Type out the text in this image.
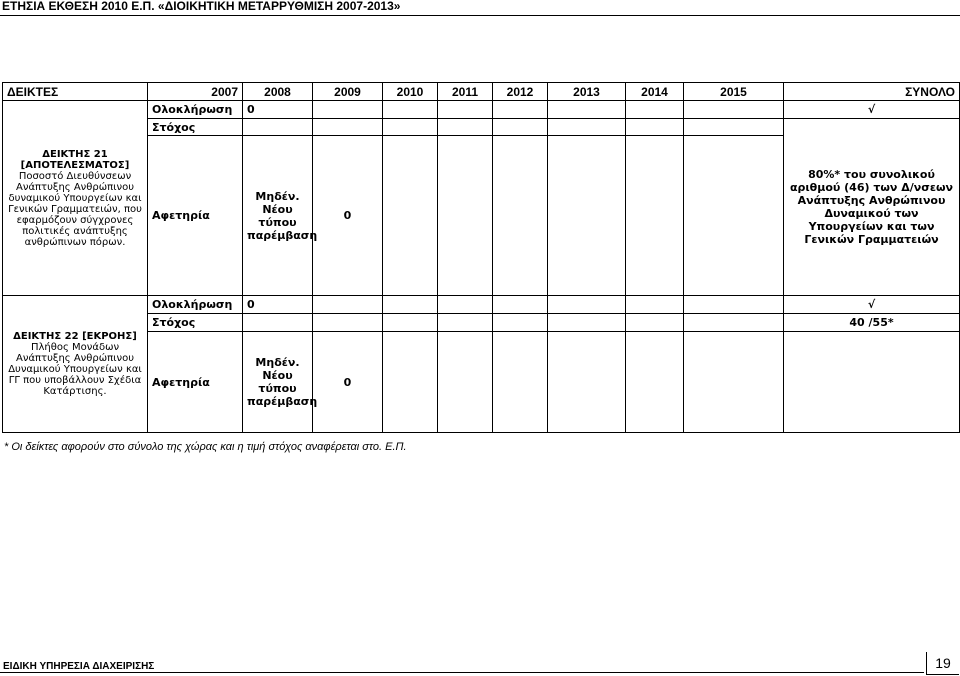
ΕΤΗΣΙΑ ΕΚΘΕΣΗ 2010 Ε.Π. «ΔΙΟΙΚΗΤΙΚΗ ΜΕΤΑΡΡΥΘΜΙΣΗ 2007-2013»
ΔΕΙΚΤΕΣ	2007	2008	2009	2010	2011	2012	2013	2014	2015	ΣΥΝΟΛΟ

ΔΕΙΚΤΗΣ 21
[ΑΠΟΤΕΛΕΣΜΑΤΟΣ]
Ποσοστό Διευθύνσεων Ανάπτυξης Ανθρώπινου δυναμικού Υπουργείων και Γενικών Γραμματειών, που εφαρμόζουν σύγχρονες πολιτικές ανάπτυξης ανθρώπινων πόρων.	Ολοκλήρωση	0								√
	Στόχος									80%* του συνολικού αριθμού (46) των Δ/νσεων Ανάπτυξης Ανθρώπινου Δυναμικού των Υπουργείων και των Γενικών Γραμματειών
	Αφετηρία	Μηδέν. Νέου τύπου παρέμβαση	0							

ΔΕΙΚΤΗΣ 22 [ΕΚΡΟΗΣ]
Πλήθος Μονάδων Ανάπτυξης Ανθρώπινου Δυναμικού Υπουργείων και ΓΓ που υποβάλλουν Σχέδια Κατάρτισης.	Ολοκλήρωση	0								√
	Στόχος									40 /55*
	Αφετηρία	Μηδέν. Νέου τύπου παρέμβαση	0							
* Οι δείκτες αφορούν στο σύνολο της χώρας και η τιμή στόχος αναφέρεται στο. Ε.Π.
ΕΙΔΙΚΗ ΥΠΗΡΕΣΙΑ ΔΙΑΧΕΙΡΙΣΗΣ	19
